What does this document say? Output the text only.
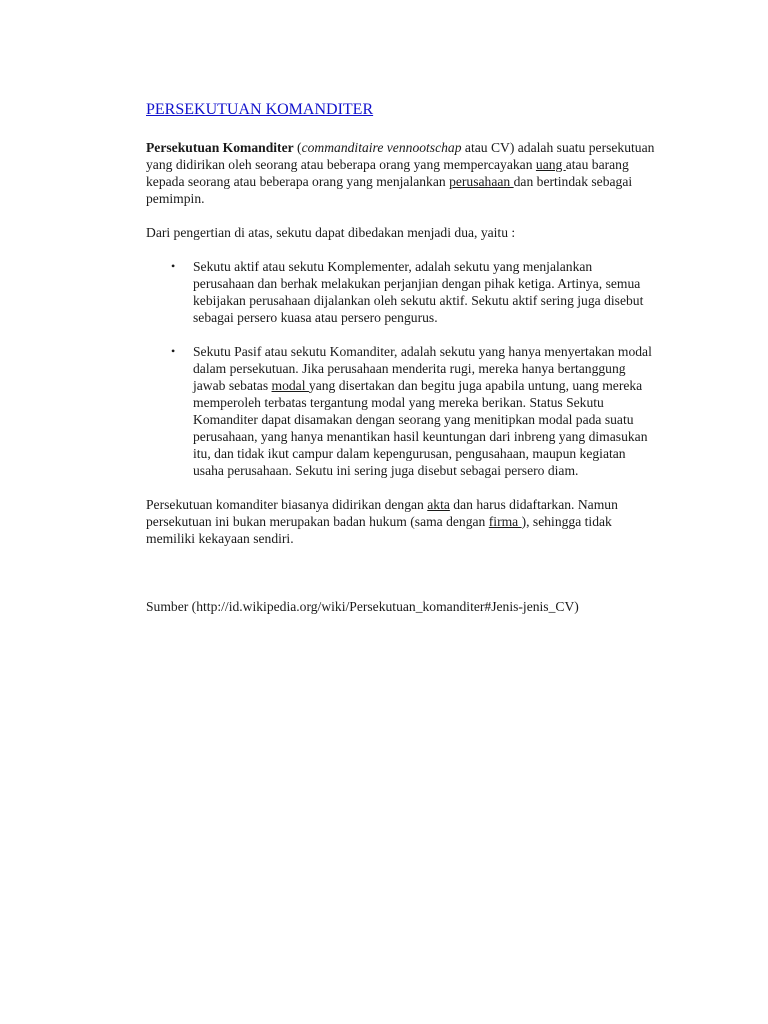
PERSEKUTUAN KOMANDITER

Persekutuan Komanditer (commanditaire vennootschap atau CV) adalah suatu persekutuan yang didirikan oleh seorang atau beberapa orang yang mempercayakan uang atau barang kepada seorang atau beberapa orang yang menjalankan perusahaan dan bertindak sebagai pemimpin.

Dari pengertian di atas, sekutu dapat dibedakan menjadi dua, yaitu :

• Sekutu aktif atau sekutu Komplementer, adalah sekutu yang menjalankan perusahaan dan berhak melakukan perjanjian dengan pihak ketiga. Artinya, semua kebijakan perusahaan dijalankan oleh sekutu aktif. Sekutu aktif sering juga disebut sebagai persero kuasa atau persero pengurus.
• Sekutu Pasif atau sekutu Komanditer, adalah sekutu yang hanya menyertakan modal dalam persekutuan. Jika perusahaan menderita rugi, mereka hanya bertanggung jawab sebatas modal yang disertakan dan begitu juga apabila untung, uang mereka memperoleh terbatas tergantung modal yang mereka berikan. Status Sekutu Komanditer dapat disamakan dengan seorang yang menitipkan modal pada suatu perusahaan, yang hanya menantikan hasil keuntungan dari inbreng yang dimasukan itu, dan tidak ikut campur dalam kepengurusan, pengusahaan, maupun kegiatan usaha perusahaan. Sekutu ini sering juga disebut sebagai persero diam.

Persekutuan komanditer biasanya didirikan dengan akta dan harus didaftarkan. Namun persekutuan ini bukan merupakan badan hukum (sama dengan firma ), sehingga tidak memiliki kekayaan sendiri.

Sumber (http://id.wikipedia.org/wiki/Persekutuan_komanditer#Jenis-jenis_CV)
